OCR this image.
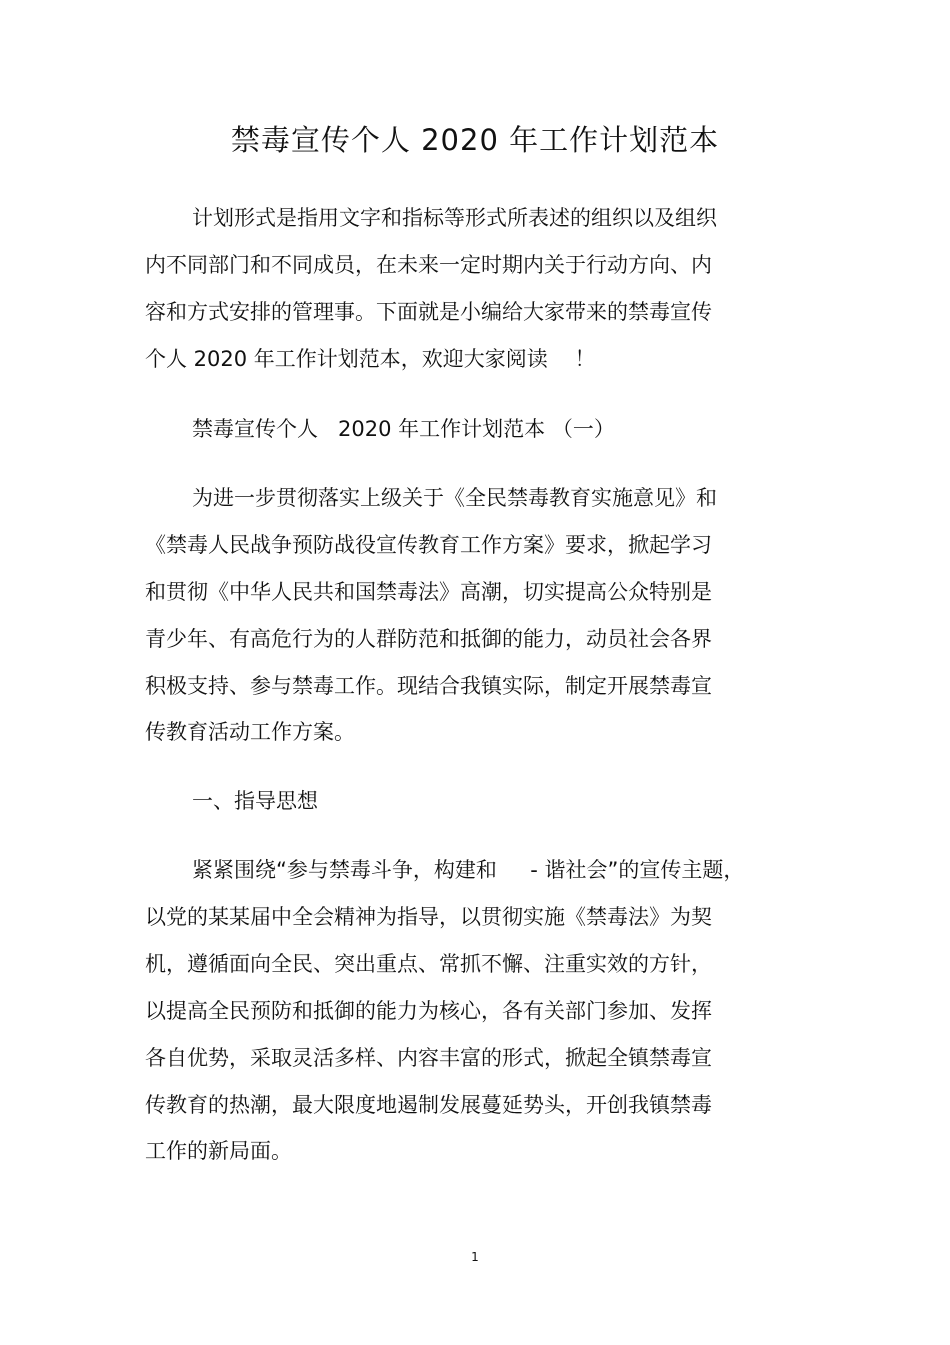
禁毒宣传个人 2020 年工作计划范本

计划形式是指用文字和指标等形式所表述的组织以及组织

内不同部门和不同成员，在未来一定时期内关于行动方向、内

容和方式安排的管理事。下面就是小编给大家带来的禁毒宣传

个人 2020 年工作计划范本，欢迎大家阅读    ！

禁毒宣传个人   2020 年工作计划范本 （一）

为进一步贯彻落实上级关于《全民禁毒教育实施意见》和

《禁毒人民战争预防战役宣传教育工作方案》要求，掀起学习

和贯彻《中华人民共和国禁毒法》高潮，切实提高公众特别是

青少年、有高危行为的人群防范和抵御的能力，动员社会各界

积极支持、参与禁毒工作。现结合我镇实际，制定开展禁毒宣

传教育活动工作方案。

一、指导思想

紧紧围绕“参与禁毒斗争，构建和     - 谐社会”的宣传主题，

以党的某某届中全会精神为指导，以贯彻实施《禁毒法》为契

机，遵循面向全民、突出重点、常抓不懈、注重实效的方针，

以提高全民预防和抵御的能力为核心，各有关部门参加、发挥

各自优势，采取灵活多样、内容丰富的形式，掀起全镇禁毒宣

传教育的热潮，最大限度地遏制发展蔓延势头，开创我镇禁毒

工作的新局面。

1
